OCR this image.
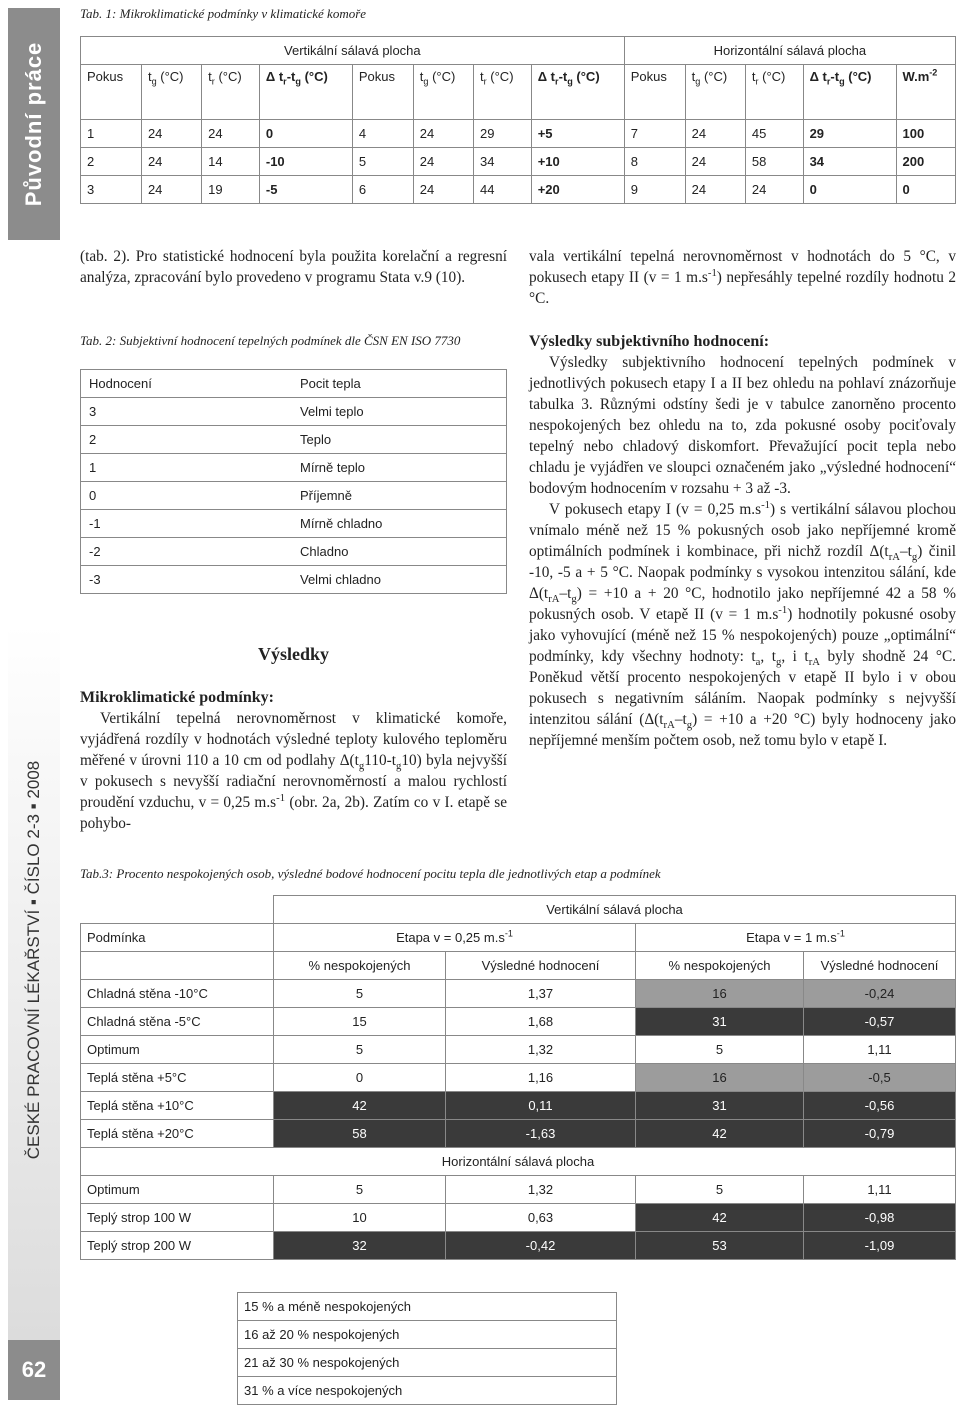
Původní práce
ČESKÉ PRACOVNÍ LÉKAŘSTVÍ ▪ ČÍSLO 2-3 ▪ 2008
62
Tab. 1: Mikroklimatické podmínky v klimatické komoře
Vertikální sálavá plocha								Horizontální sálavá plocha				
Pokus	$t_g$ (°C)	$t_r$ (°C)	Δ $t_r-t_g$ (°C)	Pokus	$t_g$ (°C)	$t_r$ (°C)	Δ $t_r-t_g$ (°C)	Pokus	$t_g$ (°C)	$t_r$ (°C)	Δ $t_r-t_g$ (°C)	$W.m^{-2}$
1	24	24	0	4	24	29	+5	7	24	45	29	100
2	24	14	-10	5	24	34	+10	8	24	58	34	200
3	24	19	-5	6	24	44	+20	9	24	24	0	0

(tab. 2). Pro statistické hodnocení byla použita korelační a regresní analýza, zpracování bylo provedeno v programu Stata v.9 (10).

vala vertikální tepelná nerovnoměrnost v hodnotách do 5 °C, v pokusech etapy II (v = 1 $m.s^{-1}$) nepřesáhly tepelné rozdíly hodnotu 2 °C.

Tab. 2: Subjektivní hodnocení tepelných podmínek dle ČSN EN ISO 7730
Hodnocení	Pocit tepla
3	Velmi teplo
2	Teplo
1	Mírně teplo
0	Příjemně
-1	Mírně chladno
-2	Chladno
-3	Velmi chladno
Výsledky
Mikroklimatické podmínky:

Vertikální tepelná nerovnoměrnost v klimatické komoře, vyjádřená rozdíly v hodnotách výsledné teploty kulového teploměru měřené v úrovni 110 a 10 cm od podlahy $\Delta(t_g110-t_g10)$ byla nejvyšší v pokusech s nevyšší radiační nerovnoměrností a malou rychlostí proudění vzduchu, v = 0,25 $m.s^{-1}$ (obr. 2a, 2b). Zatím co v I. etapě se pohybo-

Výsledky subjektivního hodnocení:

Výsledky subjektivního hodnocení tepelných podmínek v jednotlivých pokusech etapy I a II bez ohledu na pohlaví znázorňuje tabulka 3. Různými odstíny šedi je v tabulce zanorněno procento nespokojených bez ohledu na to, zda pokusné osoby pociťovaly tepelný nebo chladový diskomfort. Převažující pocit tepla nebo chladu je vyjádřen ve sloupci označeném jako „výsledné hodnocení“ bodovým hodnocením v rozsahu + 3 až -3.

V pokusech etapy I (v = 0,25 $m.s^{-1}$) s vertikální sálavou plochou vnímalo méně než 15 % pokusných osob jako nepříjemné kromě optimálních podmínek i kombinace, při nichž rozdíl $\Delta(t_{rA}-t_g)$ činil -10, -5 a + 5 °C. Naopak podmínky s vysokou intenzitou sálání, kde $\Delta(t_{rA}-t_g) = +10$ a + 20 °C, hodnotilo jako nepříjemné 42 a 58 % pokusných osob. V etapě II (v = 1 $m.s^{-1}$) hodnotily pokusné osoby jako vyhovující (méně než 15 % nespokojených) pouze „optimální“ podmínky, kdy všechny hodnoty: $t_a$, $t_g$, i $t_{rA}$ byly shodně 24 °C. Poněkud větší procento nespokojených v etapě II bylo i v obou pokusech s negativním sáláním. Naopak podmínky s nejvyšší intenzitou sálání ($\Delta(t_{rA}-t_g) = +10$ a +20 °C) byly hodnoceny jako nepříjemné menším počtem osob, než tomu bylo v etapě I.

Tab.3: Procento nespokojených osob, výsledné bodové hodnocení pocitu tepla dle jednotlivých etap a podmínek
	Vertikální sálavá plocha			
Podmínka	Etapa v = 0,25 $m.s^{-1}$		Etapa v = 1 $m.s^{-1}$
	% nespokojených	Výsledné hodnocení	% nespokojených	Výsledné hodnocení
Chladná stěna -10°C	5	1,37	16	-0,24
Chladná stěna -5°C	15	1,68	31	-0,57
Optimum	5	1,32	5	1,11
Teplá stěna +5°C	0	1,16	16	-0,5
Teplá stěna +10°C	42	0,11	31	-0,56
Teplá stěna +20°C	58	-1,63	42	-0,79
Horizontální sálavá plocha				
Optimum	5	1,32	5	1,11
Teplý strop 100 W	10	0,63	42	-0,98
Teplý strop 200 W	32	-0,42	53	-1,09
15 % a méně nespokojených
16 až 20 % nespokojených
21 až 30 % nespokojených
31 % a více nespokojených
